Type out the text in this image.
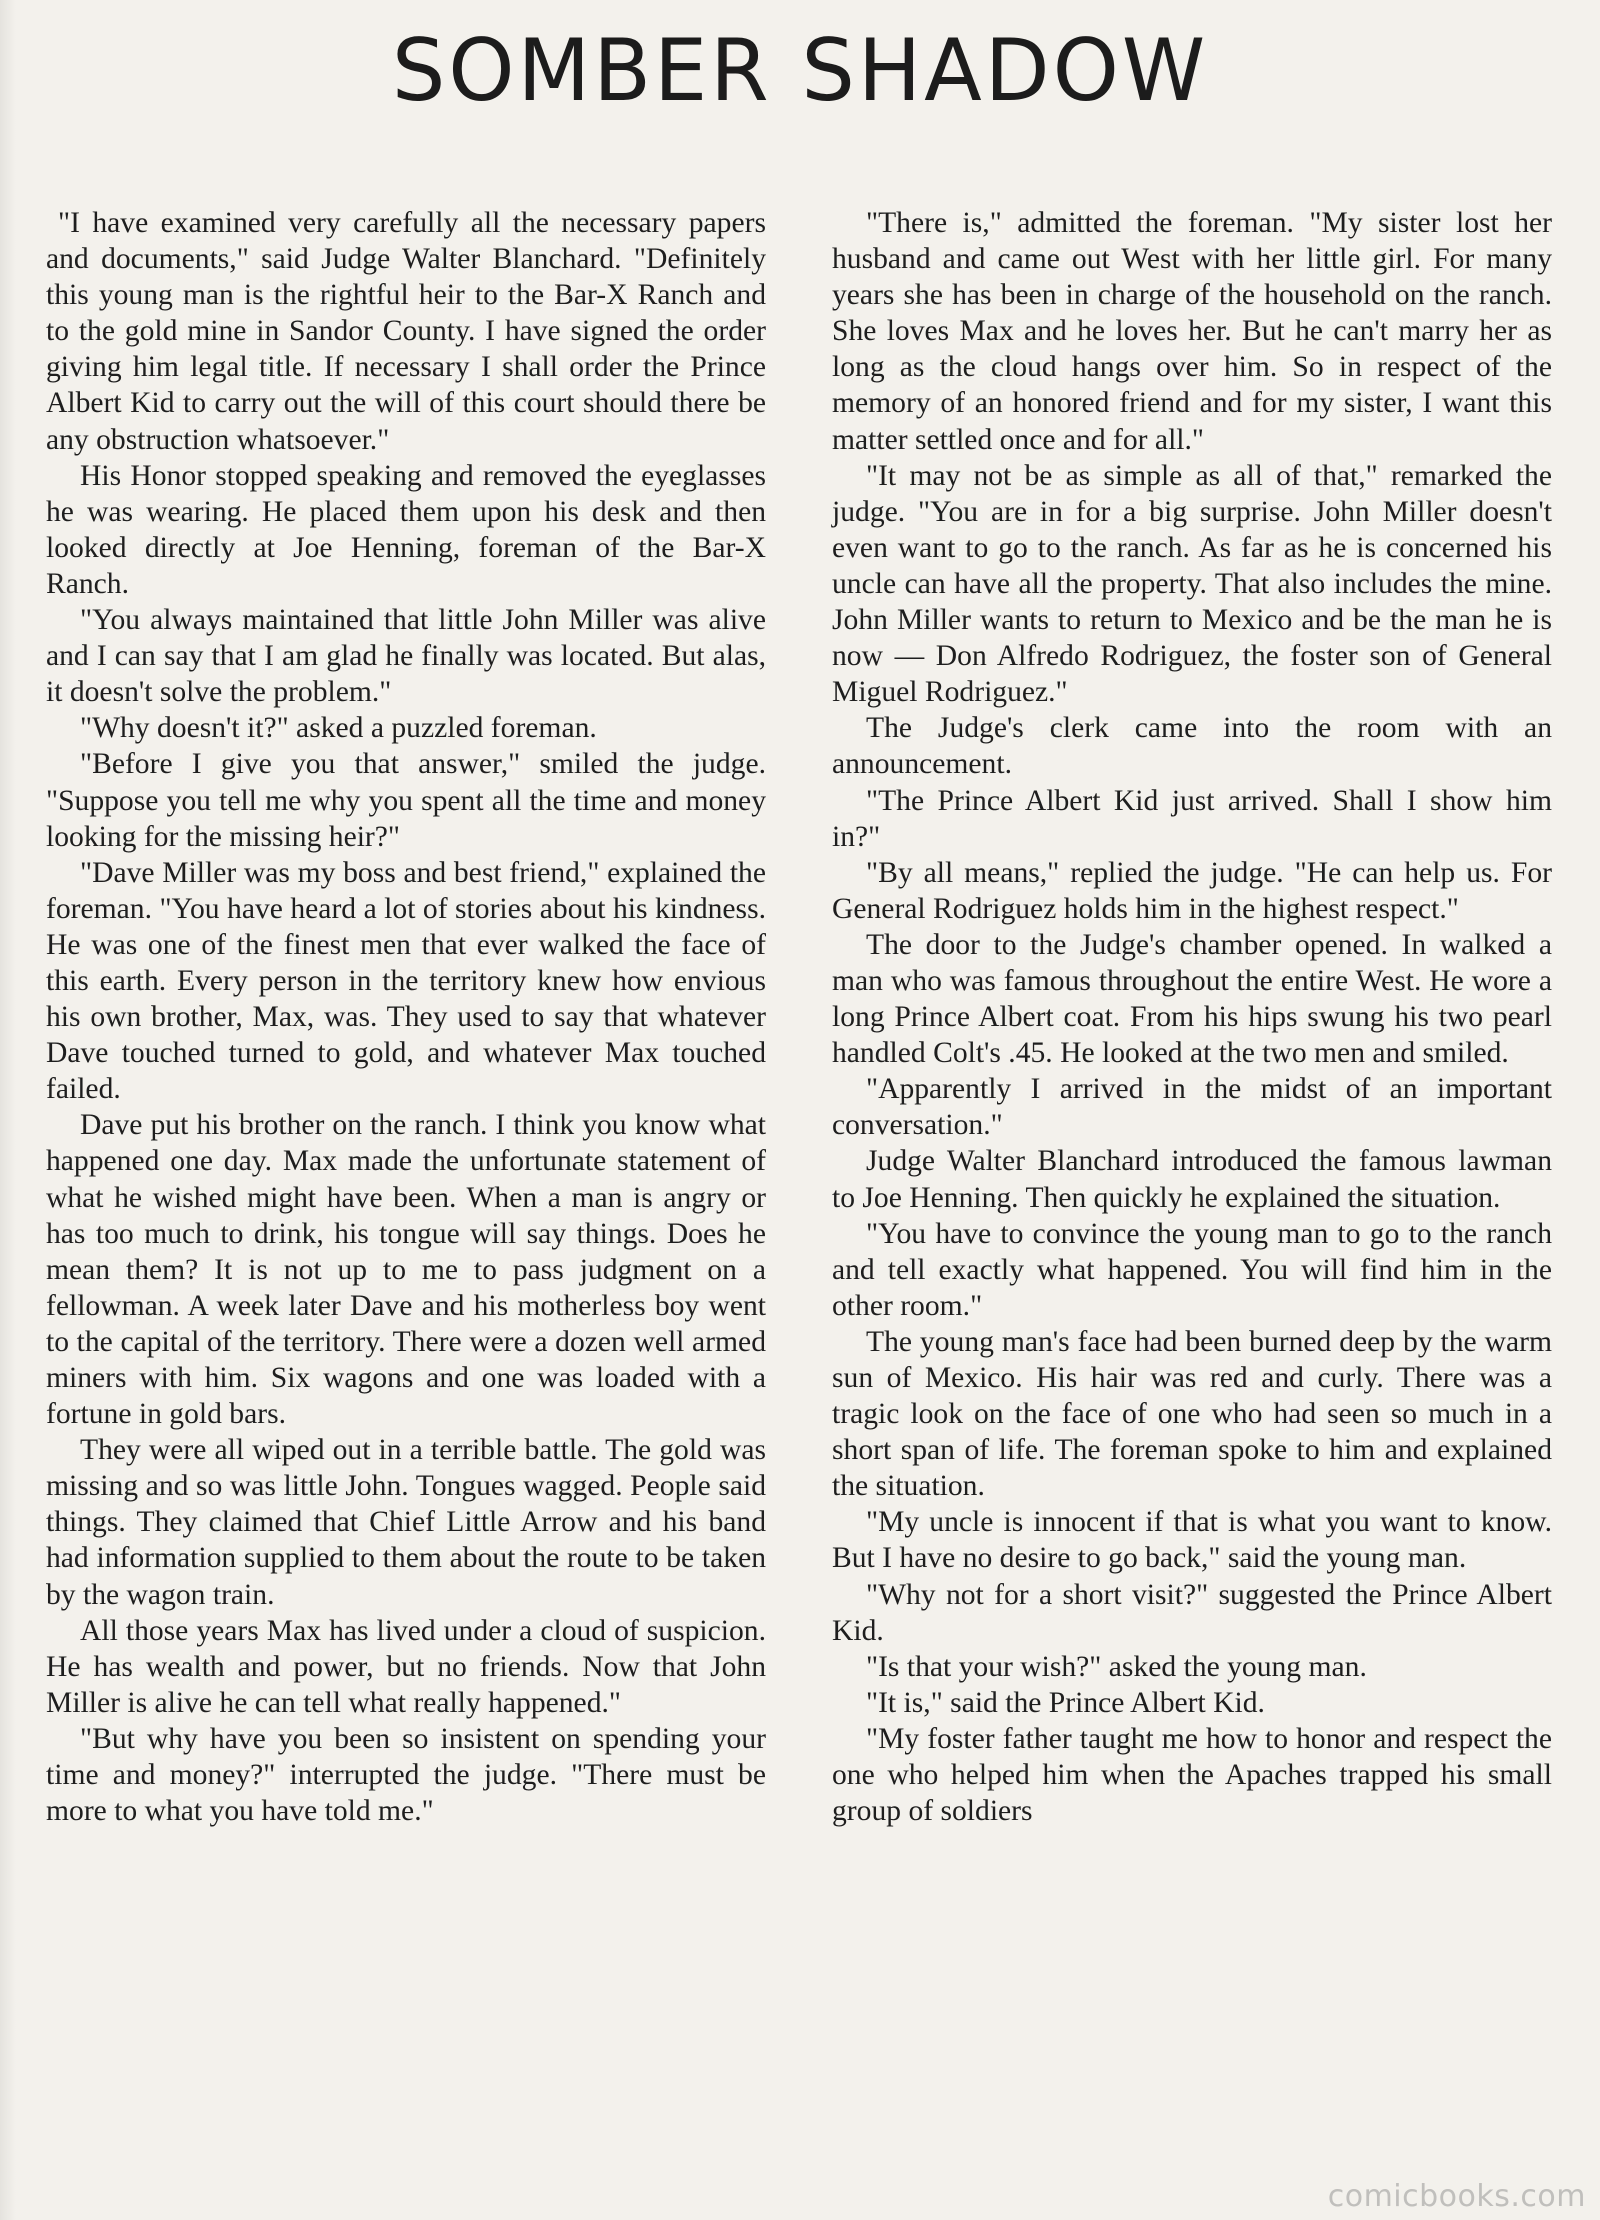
SOMBER SHADOW

"I have examined very carefully all the necessary papers and documents," said Judge Walter Blanchard. "Definitely this young man is the rightful heir to the Bar-X Ranch and to the gold mine in Sandor County. I have signed the order giving him legal title. If necessary I shall order the Prince Albert Kid to carry out the will of this court should there be any obstruction whatsoever."

His Honor stopped speaking and removed the eyeglasses he was wearing. He placed them upon his desk and then looked directly at Joe Henning, foreman of the Bar-X Ranch.

"You always maintained that little John Miller was alive and I can say that I am glad he finally was located. But alas, it doesn't solve the problem."

"Why doesn't it?" asked a puzzled foreman.

"Before I give you that answer," smiled the judge. "Suppose you tell me why you spent all the time and money looking for the missing heir?"

"Dave Miller was my boss and best friend," explained the foreman. "You have heard a lot of stories about his kindness. He was one of the finest men that ever walked the face of this earth. Every person in the territory knew how envious his own brother, Max, was. They used to say that whatever Dave touched turned to gold, and whatever Max touched failed.

Dave put his brother on the ranch. I think you know what happened one day. Max made the unfortunate statement of what he wished might have been. When a man is angry or has too much to drink, his tongue will say things. Does he mean them? It is not up to me to pass judgment on a fellowman. A week later Dave and his motherless boy went to the capital of the territory. There were a dozen well armed miners with him. Six wagons and one was loaded with a fortune in gold bars.

They were all wiped out in a terrible battle. The gold was missing and so was little John. Tongues wagged. People said things. They claimed that Chief Little Arrow and his band had information supplied to them about the route to be taken by the wagon train.

All those years Max has lived under a cloud of suspicion. He has wealth and power, but no friends. Now that John Miller is alive he can tell what really happened."

"But why have you been so insistent on spending your time and money?" interrupted the judge. "There must be more to what you have told me."

"There is," admitted the foreman. "My sister lost her husband and came out West with her little girl. For many years she has been in charge of the household on the ranch. She loves Max and he loves her. But he can't marry her as long as the cloud hangs over him. So in respect of the memory of an honored friend and for my sister, I want this matter settled once and for all."

"It may not be as simple as all of that," remarked the judge. "You are in for a big surprise. John Miller doesn't even want to go to the ranch. As far as he is concerned his uncle can have all the property. That also includes the mine. John Miller wants to return to Mexico and be the man he is now — Don Alfredo Rodriguez, the foster son of General Miguel Rodriguez."

The Judge's clerk came into the room with an announcement.

"The Prince Albert Kid just arrived. Shall I show him in?"

"By all means," replied the judge. "He can help us. For General Rodriguez holds him in the highest respect."

The door to the Judge's chamber opened. In walked a man who was famous throughout the entire West. He wore a long Prince Albert coat. From his hips swung his two pearl handled Colt's .45. He looked at the two men and smiled.

"Apparently I arrived in the midst of an important conversation."

Judge Walter Blanchard introduced the famous lawman to Joe Henning. Then quickly he explained the situation.

"You have to convince the young man to go to the ranch and tell exactly what happened. You will find him in the other room."

The young man's face had been burned deep by the warm sun of Mexico. His hair was red and curly. There was a tragic look on the face of one who had seen so much in a short span of life. The foreman spoke to him and explained the situation.

"My uncle is innocent if that is what you want to know. But I have no desire to go back," said the young man.

"Why not for a short visit?" suggested the Prince Albert Kid.

"Is that your wish?" asked the young man.

"It is," said the Prince Albert Kid.

"My foster father taught me how to honor and respect the one who helped him when the Apaches trapped his small group of soldiers

comicbooks.com
